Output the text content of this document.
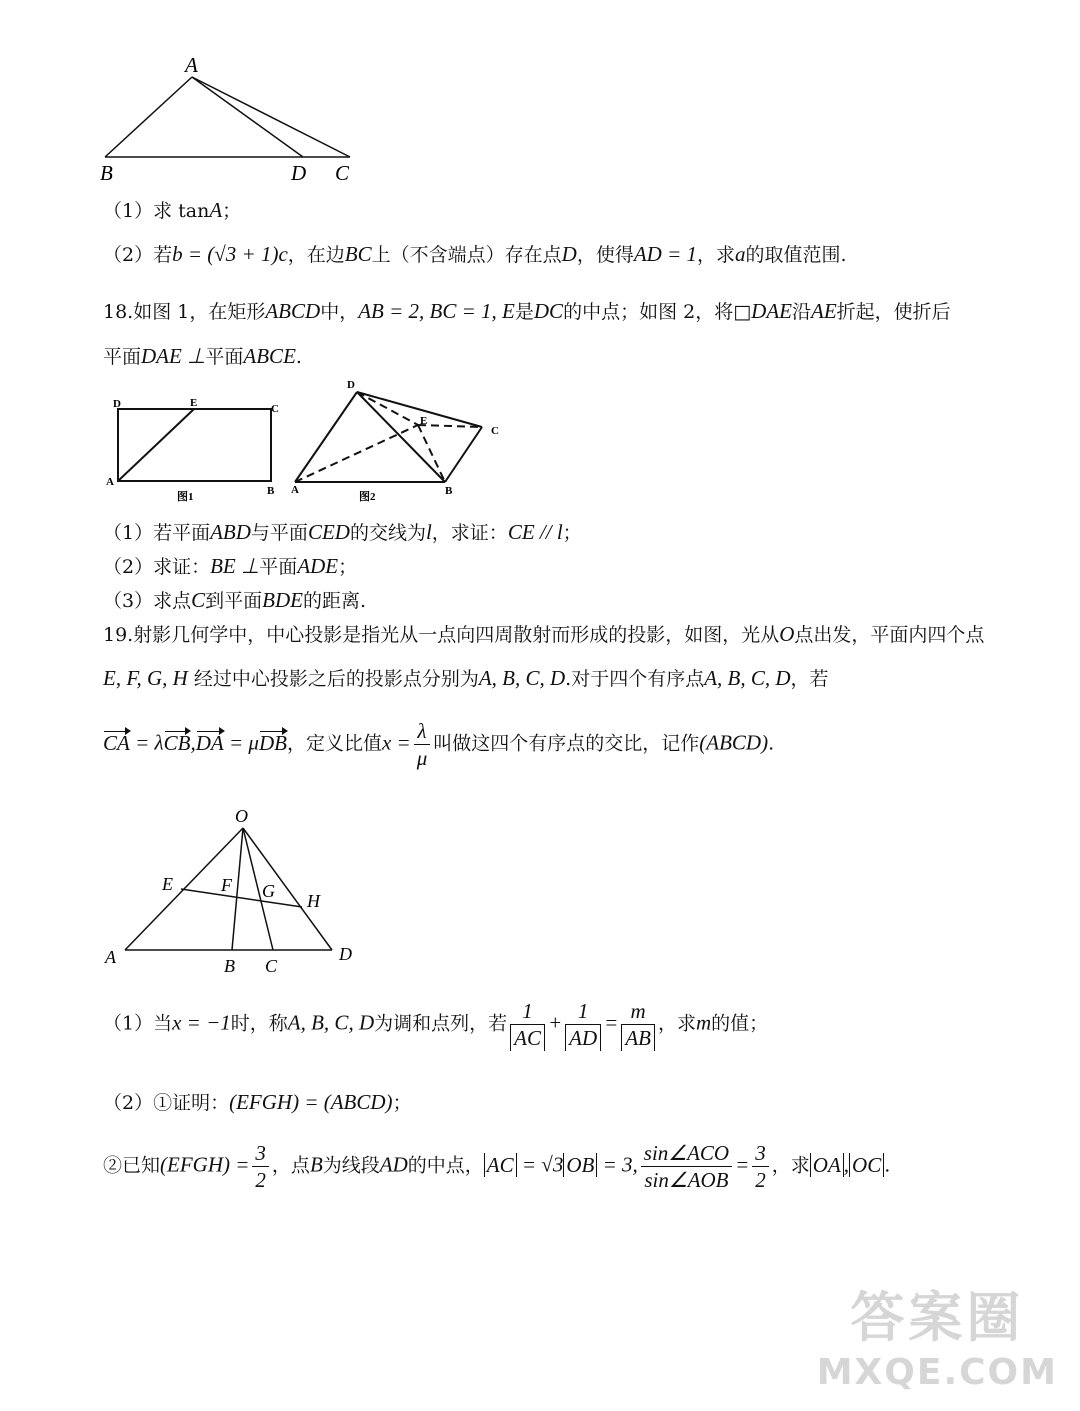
A
B	D C
（1）求 tanA；
（2）若b = (√3 + 1)c，在边BC上（不含端点）存在点D，使得AD = 1，求a的取值范围.
18.如图 1，在矩形ABCD中，AB = 2, BC = 1, E是DC的中点；如图 2，将□DAE沿AE折起，使折后
平面DAE ⊥平面ABCE.
D	E	C
A
B
图1
D
E
C
A	B
图2
（1）若平面ABD与平面CED的交线为l，求证：CE // l；
（2）求证：BE ⊥平面ADE；
（3）求点C到平面BDE的距离.
19.射影几何学中，中心投影是指光从一点向四周散射而形成的投影，如图，光从O点出发，平面内四个点
E, F, G, H 经过中心投影之后的投影点分别为A, B, C, D.对于四个有序点A, B, C, D，若
CA = λCB,DA = μDB，定义比值$x = \frac{\lambda}{\mu}$ 叫做这四个有序点的交比，记作(ABCD).
O
E	F G H
A	B C
D
（1）当x = −1时，称A, B, C, D为调和点列，若 $\frac{1}{AC} + \frac{1}{AD} = \frac{m}{AB}$ ，求m的值；
（2）①证明：(EFGH) = (ABCD)；
②已知(EFGH) = $\frac{3}{2}$ ，点B为线段AD的中点， AC = √3 OB = 3, $\frac{\text{sin∠ACO}}{\text{sin∠AOB}} = \frac{3}{2}$ ，求 OA , OC .
答案圈
MXQE.COM
